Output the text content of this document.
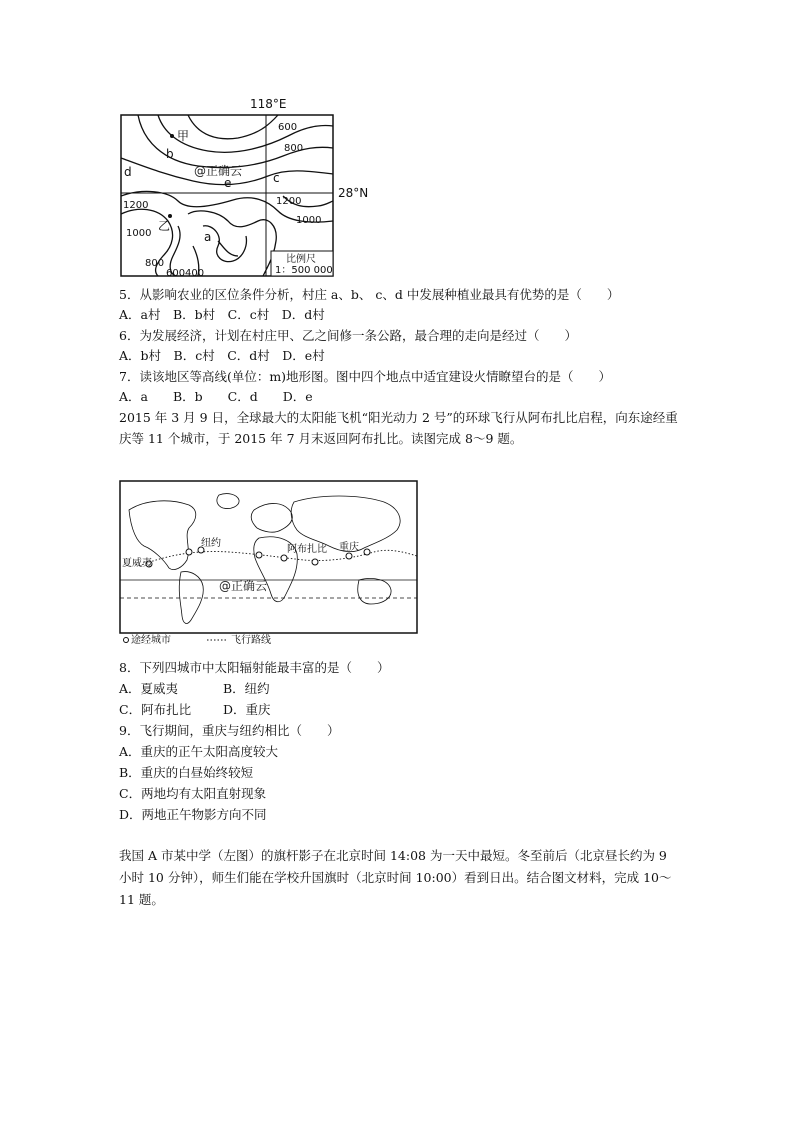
118°E
28°N
600
800
1200
1000
1200
1000
800
600 400
甲
b
d
e	c
乙
a
@正确云
比例尺
1：500 000
5．从影响农业的区位条件分析，村庄 a、b、 c、d 中发展种植业最具有优势的是（　　）
A．a村　B．b村　C．c村　D．d村
6．为发展经济，计划在村庄甲、乙之间修一条公路，最合理的走向是经过（　　）
A．b村　B．c村　C．d村　D．e村
7．读该地区等高线(单位：m)地形图。图中四个地点中适宜建设火情瞭望台的是（　　）
A．a　　B．b　　C．d　　D．e
2015 年 3 月 9 日，全球最大的太阳能飞机“阳光动力 2 号”的环球飞行从阿布扎比启程，向东途经重庆等 11 个城市，于 2015 年 7 月末返回阿布扎比。读图完成 8～9 题。
纽约
阿布扎比 重庆
夏威夷
@正确云
途经城市	飞行路线
8．下列四城市中太阳辐射能最丰富的是（　　）
A．夏威夷	B．纽约
C．阿布扎比	D．重庆
9．飞行期间，重庆与纽约相比（　　）
A．重庆的正午太阳高度较大
B．重庆的白昼始终较短
C．两地均有太阳直射现象
D．两地正午物影方向不同
我国 A 市某中学（左图）的旗杆影子在北京时间 14:08 为一天中最短。冬至前后（北京昼长约为 9 小时 10 分钟），师生们能在学校升国旗时（北京时间 10:00）看到日出。结合图文材料，完成 10～11 题。
